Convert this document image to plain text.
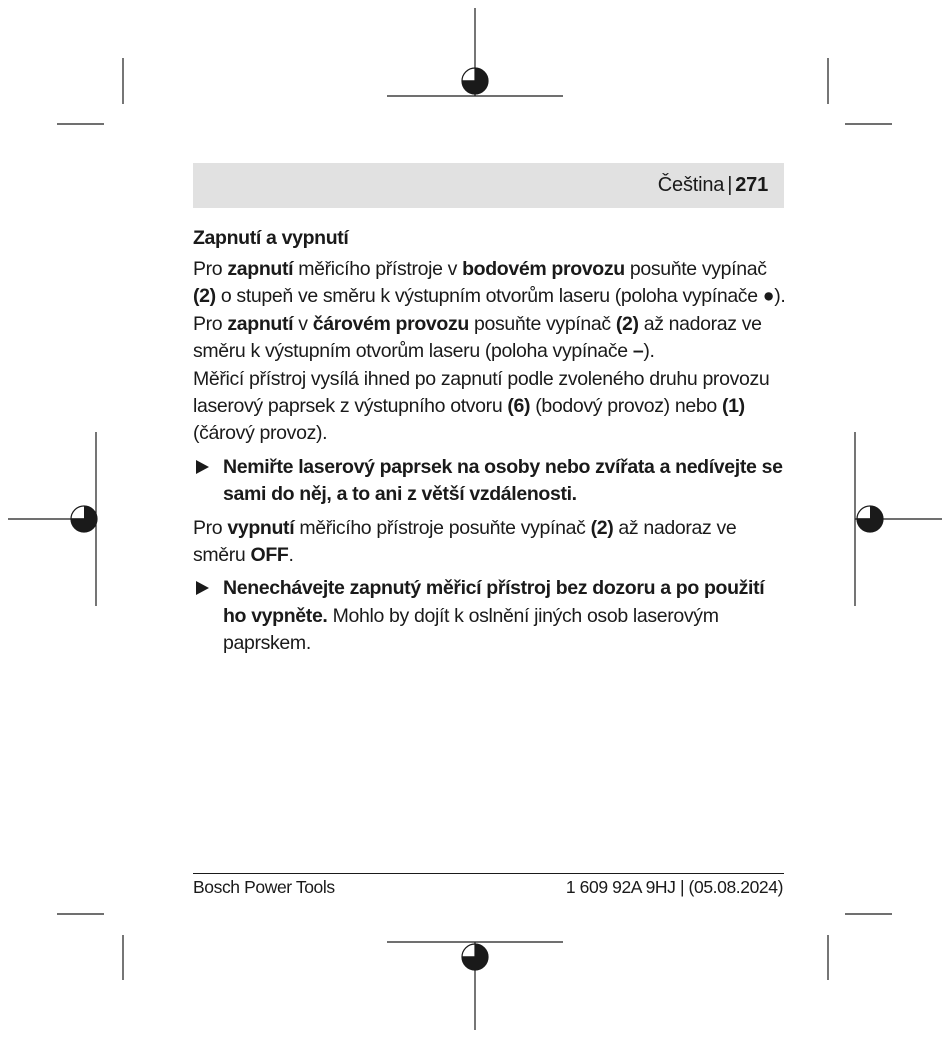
Čeština | 271
Zapnutí a vypnutí

Pro zapnutí měřicího přístroje v bodovém provozu posuňte vypínač (2) o stupeň ve směru k výstupním otvorům laseru (poloha vypínače ●).

Pro zapnutí v čárovém provozu posuňte vypínač (2) až nadoraz ve směru k výstupním otvorům laseru (poloha vypínače –).

Měřicí přístroj vysílá ihned po zapnutí podle zvoleného druhu provozu laserový paprsek z výstupního otvoru (6) (bodový provoz) nebo (1) (čárový provoz).

Nemiřte laserový paprsek na osoby nebo zvířata a nedívejte se sami do něj, a to ani z větší vzdálenosti.

Pro vypnutí měřicího přístroje posuňte vypínač (2) až nadoraz ve směru OFF.

Nenechávejte zapnutý měřicí přístroj bez dozoru a po použití ho vypněte. Mohlo by dojít k oslnění jiných osob laserovým paprskem.
Bosch Power Tools	1 609 92A 9HJ | (05.08.2024)
